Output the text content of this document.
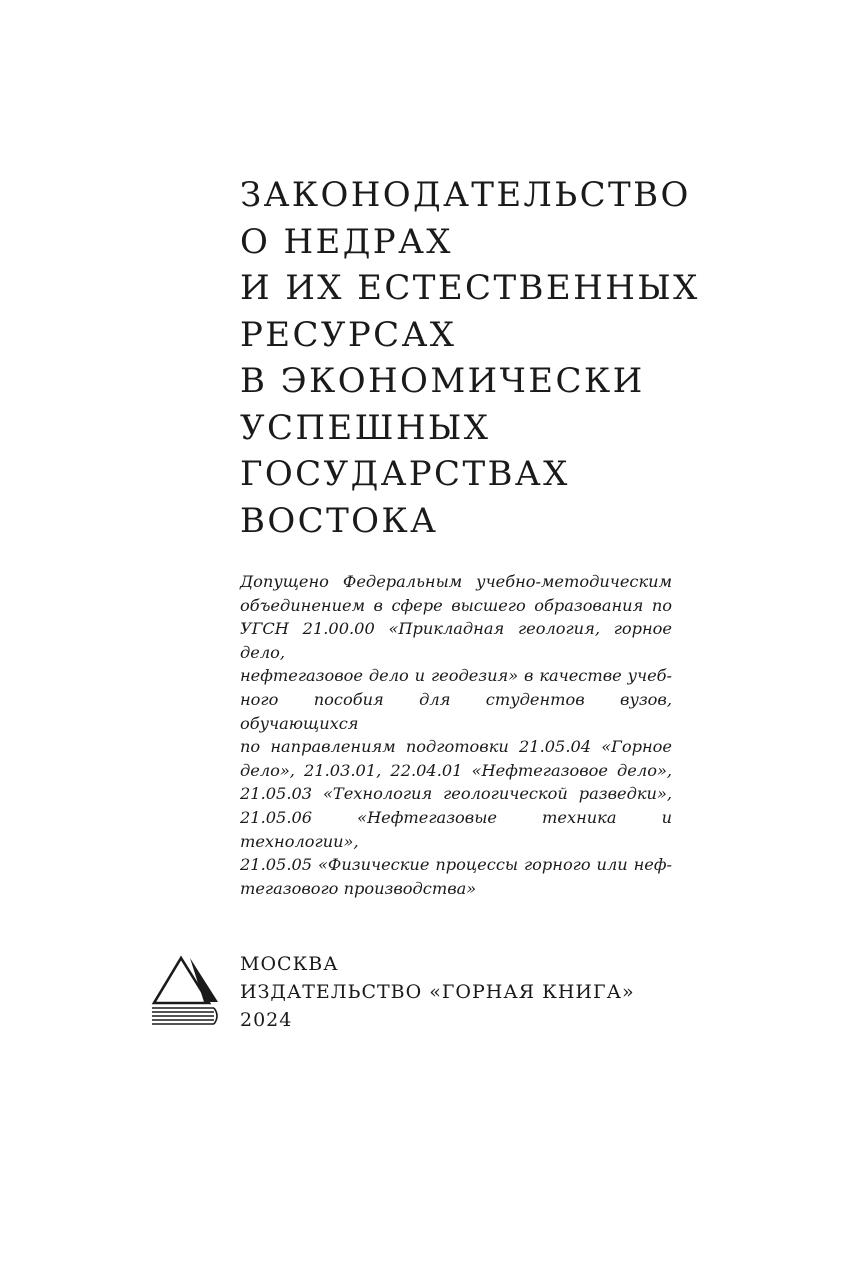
ЗАКОНОДАТЕЛЬСТВО
О НЕДРАХ
И ИХ ЕСТЕСТВЕННЫХ
РЕСУРСАХ
В ЭКОНОМИЧЕСКИ
УСПЕШНЫХ
ГОСУДАРСТВАХ
ВОСТОКА
Допущено Федеральным учебно-методическим
объединением в сфере высшего образования по
УГСН 21.00.00 «Прикладная геология, горное дело,
нефтегазовое дело и геодезия» в качестве учеб-
ного пособия для студентов вузов, обучающихся
по направлениям подготовки 21.05.04 «Горное
дело», 21.03.01, 22.04.01 «Нефтегазовое дело»,
21.05.03 «Технология геологической разведки»,
21.05.06 «Нефтегазовые техника и технологии»,
21.05.05 «Физические процессы горного или неф-
тегазового производства»
МОСКВА
ИЗДАТЕЛЬСТВО «ГОРНАЯ КНИГА»
2024
